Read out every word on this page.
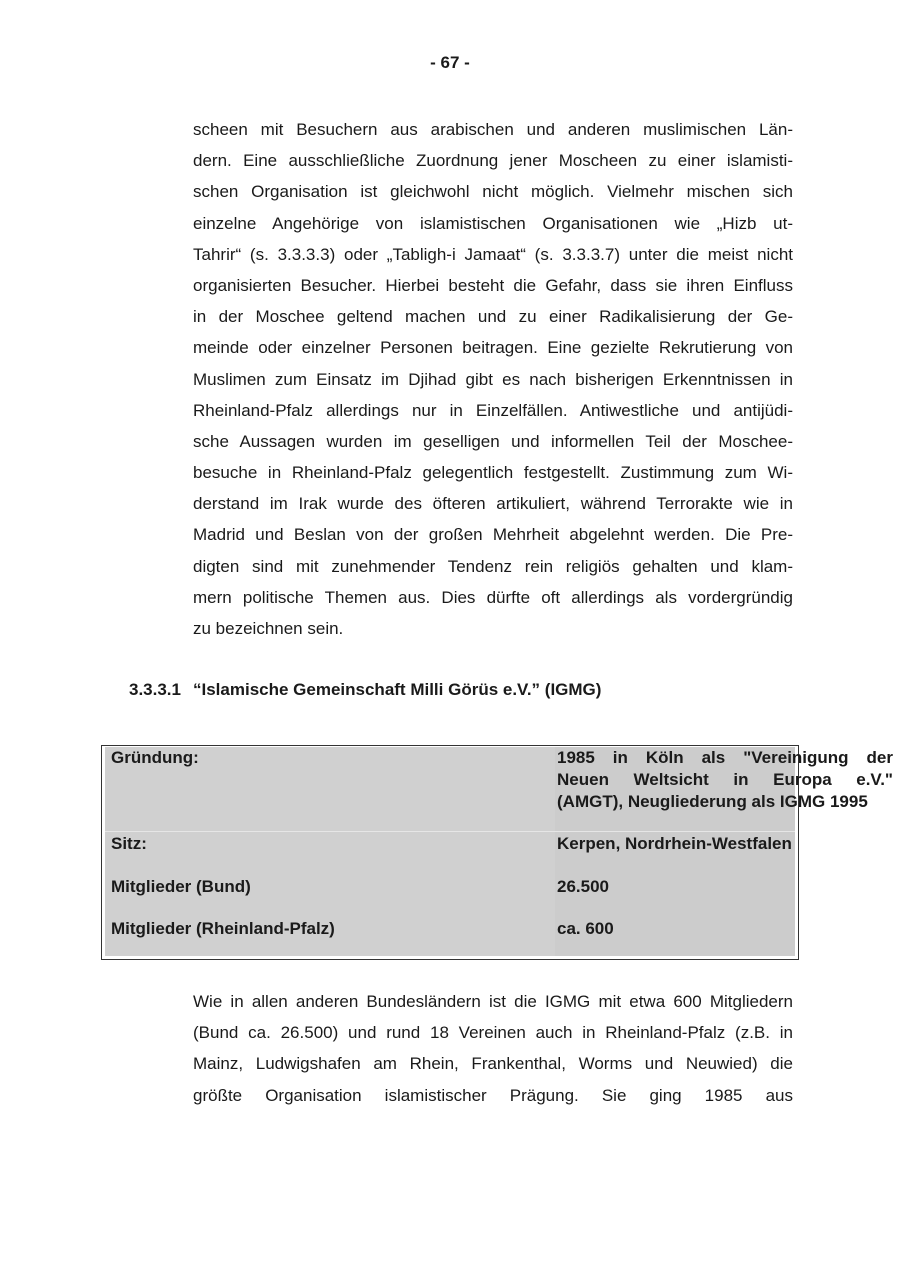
- 67 -
scheen mit Besuchern aus arabischen und anderen muslimischen Län-
dern. Eine ausschließliche Zuordnung jener Moscheen zu einer islamisti-
schen Organisation ist gleichwohl nicht möglich. Vielmehr mischen sich
einzelne Angehörige von islamistischen Organisationen wie „Hizb ut-
Tahrir“ (s. 3.3.3.3) oder „Tabligh-i Jamaat“ (s. 3.3.3.7) unter die meist nicht
organisierten Besucher. Hierbei besteht die Gefahr, dass sie ihren Einfluss
in der Moschee geltend machen und zu einer Radikalisierung der Ge-
meinde oder einzelner Personen beitragen. Eine gezielte Rekrutierung von
Muslimen zum Einsatz im Djihad gibt es nach bisherigen Erkenntnissen in
Rheinland-Pfalz allerdings nur in Einzelfällen. Antiwestliche und antijüdi-
sche Aussagen wurden im geselligen und informellen Teil der Moschee-
besuche in Rheinland-Pfalz gelegentlich festgestellt. Zustimmung zum Wi-
derstand im Irak wurde des öfteren artikuliert, während Terrorakte wie in
Madrid und Beslan von der großen Mehrheit abgelehnt werden. Die Pre-
digten sind mit zunehmender Tendenz rein religiös gehalten und klam-
mern politische Themen aus. Dies dürfte oft allerdings als vordergründig
zu bezeichnen sein.
3.3.3.1 “Islamische Gemeinschaft Milli Görüs e.V.” (IGMG)
Gründung:
Sitz:
Mitglieder (Bund)
Mitglieder (Rheinland-Pfalz)
1985 in Köln als "Vereinigung der
Neuen Weltsicht in Europa e.V."
(AMGT), Neugliederung als IGMG 1995
Kerpen, Nordrhein-Westfalen
26.500
ca. 600
Wie in allen anderen Bundesländern ist die IGMG mit etwa 600 Mitgliedern
(Bund ca. 26.500) und rund 18 Vereinen auch in Rheinland-Pfalz (z.B. in
Mainz, Ludwigshafen am Rhein, Frankenthal, Worms und Neuwied) die
größte Organisation islamistischer Prägung. Sie ging 1985 aus
